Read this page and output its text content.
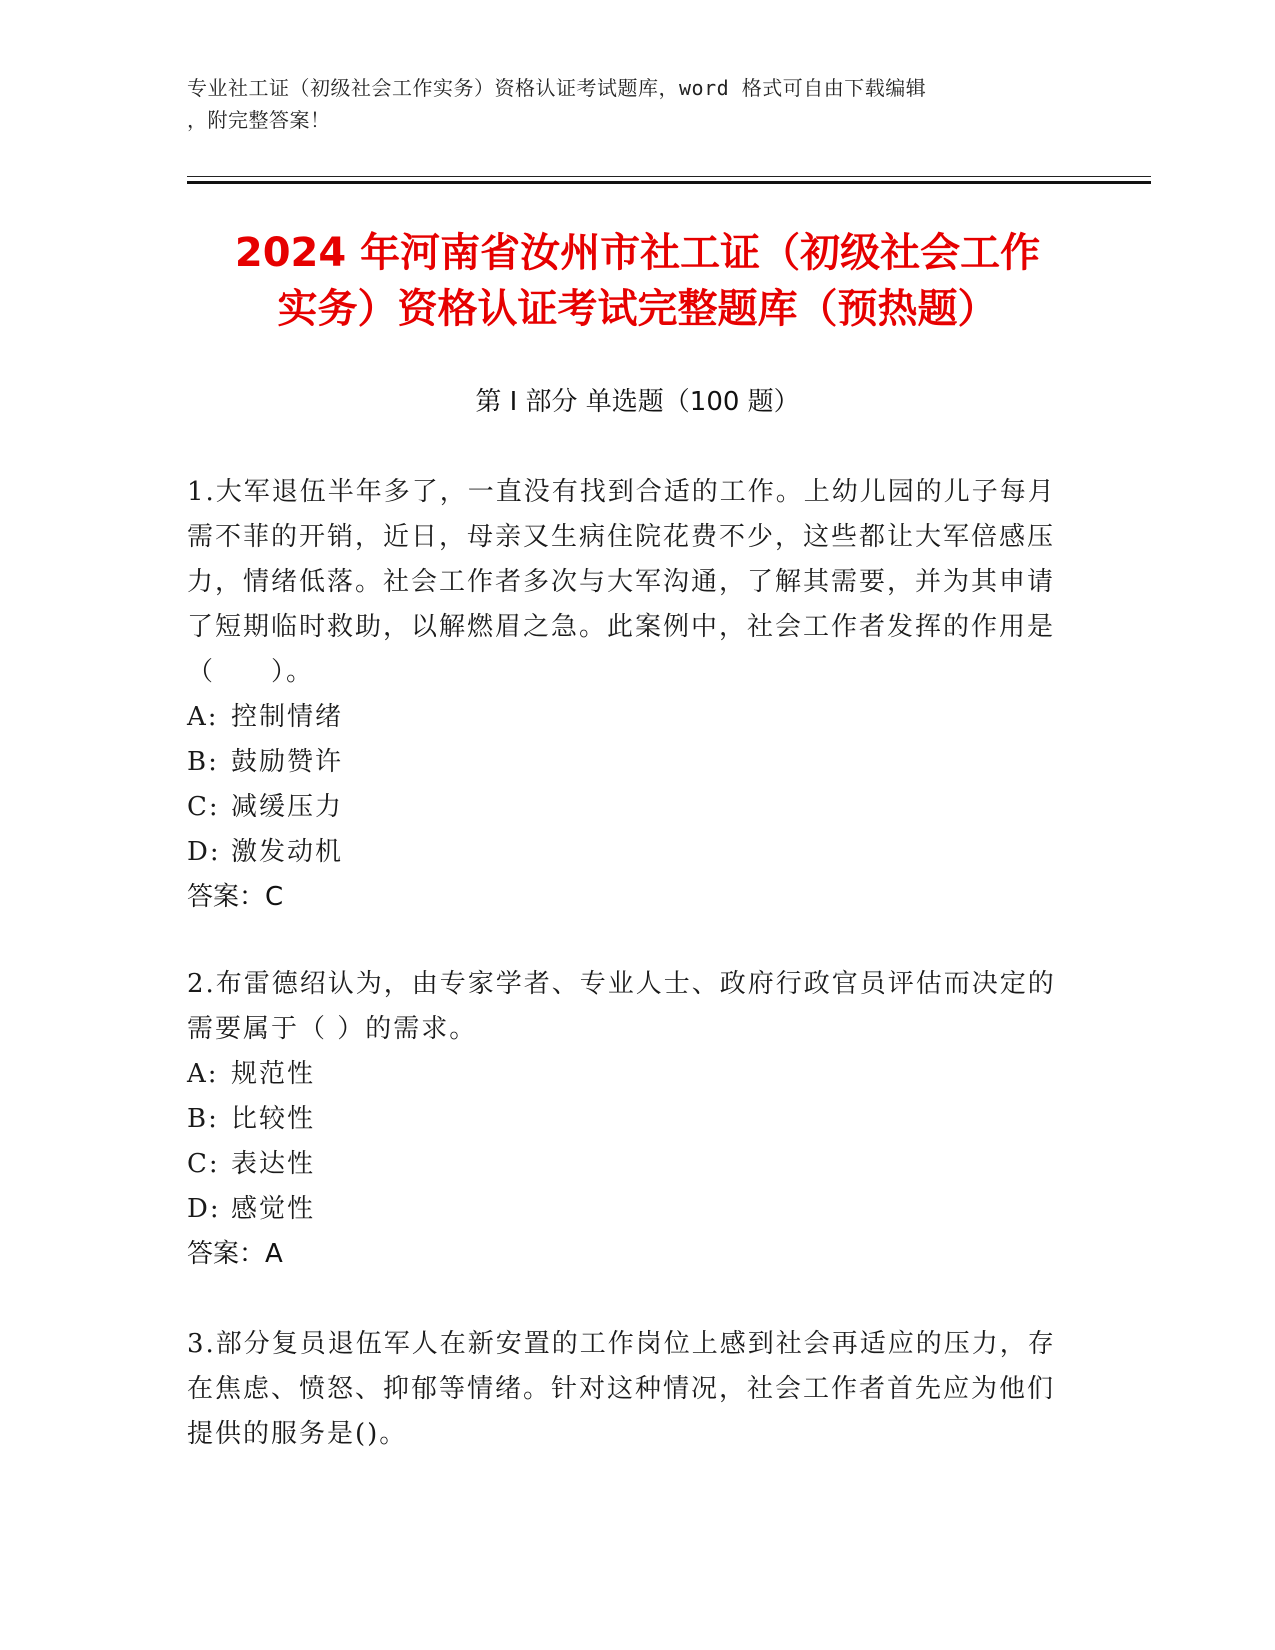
专业社工证（初级社会工作实务）资格认证考试题库，word 格式可自由下载编辑
，附完整答案！
2024 年河南省汝州市社工证（初级社会工作
实务）资格认证考试完整题库（预热题）
第 I 部分 单选题（100 题）

1.大军退伍半年多了，一直没有找到合适的工作。上幼儿园的儿子每月需不菲的开销，近日，母亲又生病住院花费不少，这些都让大军倍感压力，情绪低落。社会工作者多次与大军沟通，了解其需要，并为其申请了短期临时救助，以解燃眉之急。此案例中，社会工作者发挥的作用是（　　）。

A: 控制情绪

B: 鼓励赞许

C: 减缓压力

D: 激发动机

答案：C

2.布雷德绍认为，由专家学者、专业人士、政府行政官员评估而决定的需要属于（ ）的需求。

A: 规范性

B: 比较性

C: 表达性

D: 感觉性

答案：A

3.部分复员退伍军人在新安置的工作岗位上感到社会再适应的压力，存在焦虑、愤怒、抑郁等情绪。针对这种情况，社会工作者首先应为他们提供的服务是()。
